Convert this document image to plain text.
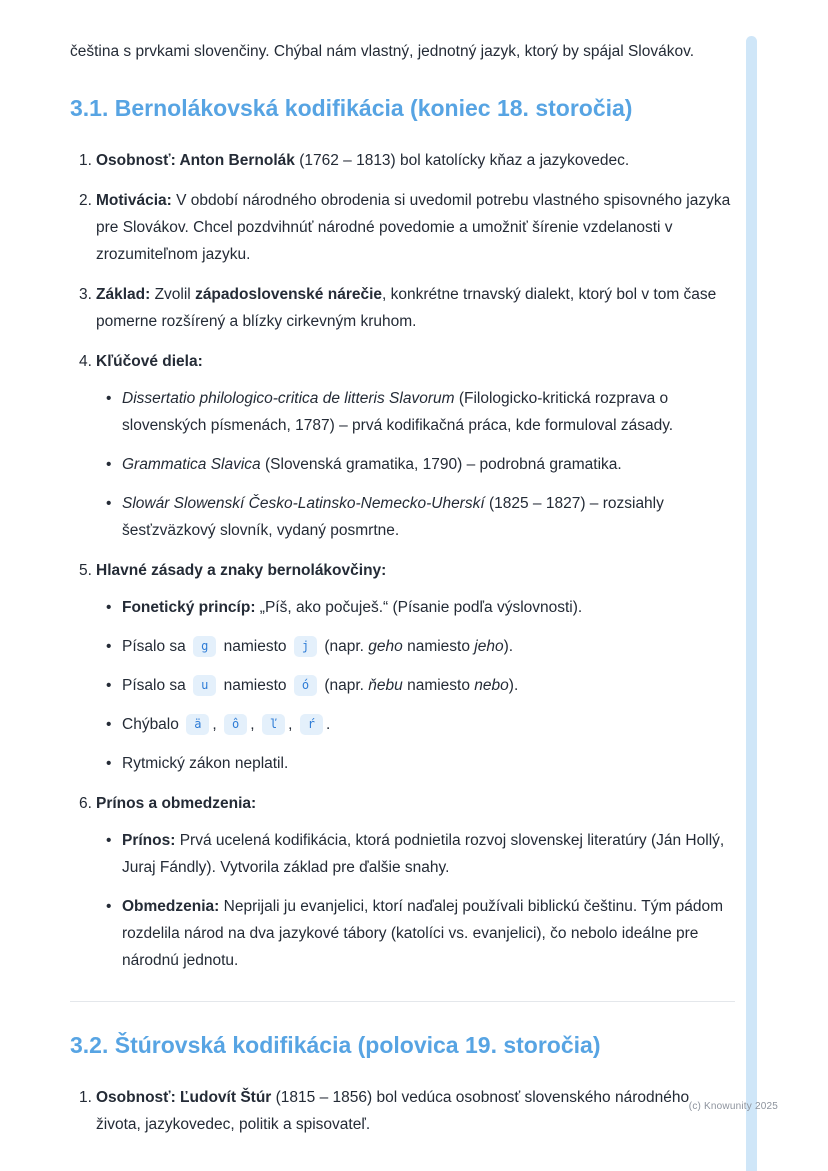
čeština s prvkami slovenčiny. Chýbal nám vlastný, jednotný jazyk, ktorý by spájal Slovákov.

3.1. Bernolákovská kodifikácia (koniec 18. storočia)
1. Osobnosť: Anton Bernolák (1762 – 1813) bol katolícky kňaz a jazykovedec.

2. Motivácia: V období národného obrodenia si uvedomil potrebu vlastného spisovného jazyka pre Slovákov. Chcel pozdvihnúť národné povedomie a umožniť šírenie vzdelanosti v zrozumiteľnom jazyku.

3. Základ: Zvolil západoslovenské nárečie, konkrétne trnavský dialekt, ktorý bol v tom čase pomerne rozšírený a blízky cirkevným kruhom.

4. Kľúčové diela:

• Dissertatio philologico-critica de litteris Slavorum (Filologicko-kritická rozprava o slovenských písmenách, 1787) – prvá kodifikačná práca, kde formuloval zásady.

• Grammatica Slavica (Slovenská gramatika, 1790) – podrobná gramatika.

• Slowár Slowenskí Česko-Latinsko-Nemecko-Uherskí (1825 – 1827) – rozsiahly šesťzväzkový slovník, vydaný posmrtne.

5. Hlavné zásady a znaky bernolákovčiny:

• Fonetický princíp: „Píš, ako počuješ.“ (Písanie podľa výslovnosti).

• Písalo sa g namiesto j (napr. geho namiesto jeho).

• Písalo sa u namiesto ó (napr. ňebu namiesto nebo).

• Chýbalo ä , ô , ľ , ŕ .

• Rytmický zákon neplatil.

6. Prínos a obmedzenia:

• Prínos: Prvá ucelená kodifikácia, ktorá podnietila rozvoj slovenskej literatúry (Ján Hollý, Juraj Fándly). Vytvorila základ pre ďalšie snahy.

• Obmedzenia: Neprijali ju evanjelici, ktorí naďalej používali biblickú češtinu. Tým pádom rozdelila národ na dva jazykové tábory (katolíci vs. evanjelici), čo nebolo ideálne pre národnú jednotu.

3.2. Štúrovská kodifikácia (polovica 19. storočia)
1. Osobnosť: Ľudovít Štúr (1815 – 1856) bol vedúca osobnosť slovenského národného života, jazykovedec, politik a spisovateľ.

(c) Knowunity 2025
